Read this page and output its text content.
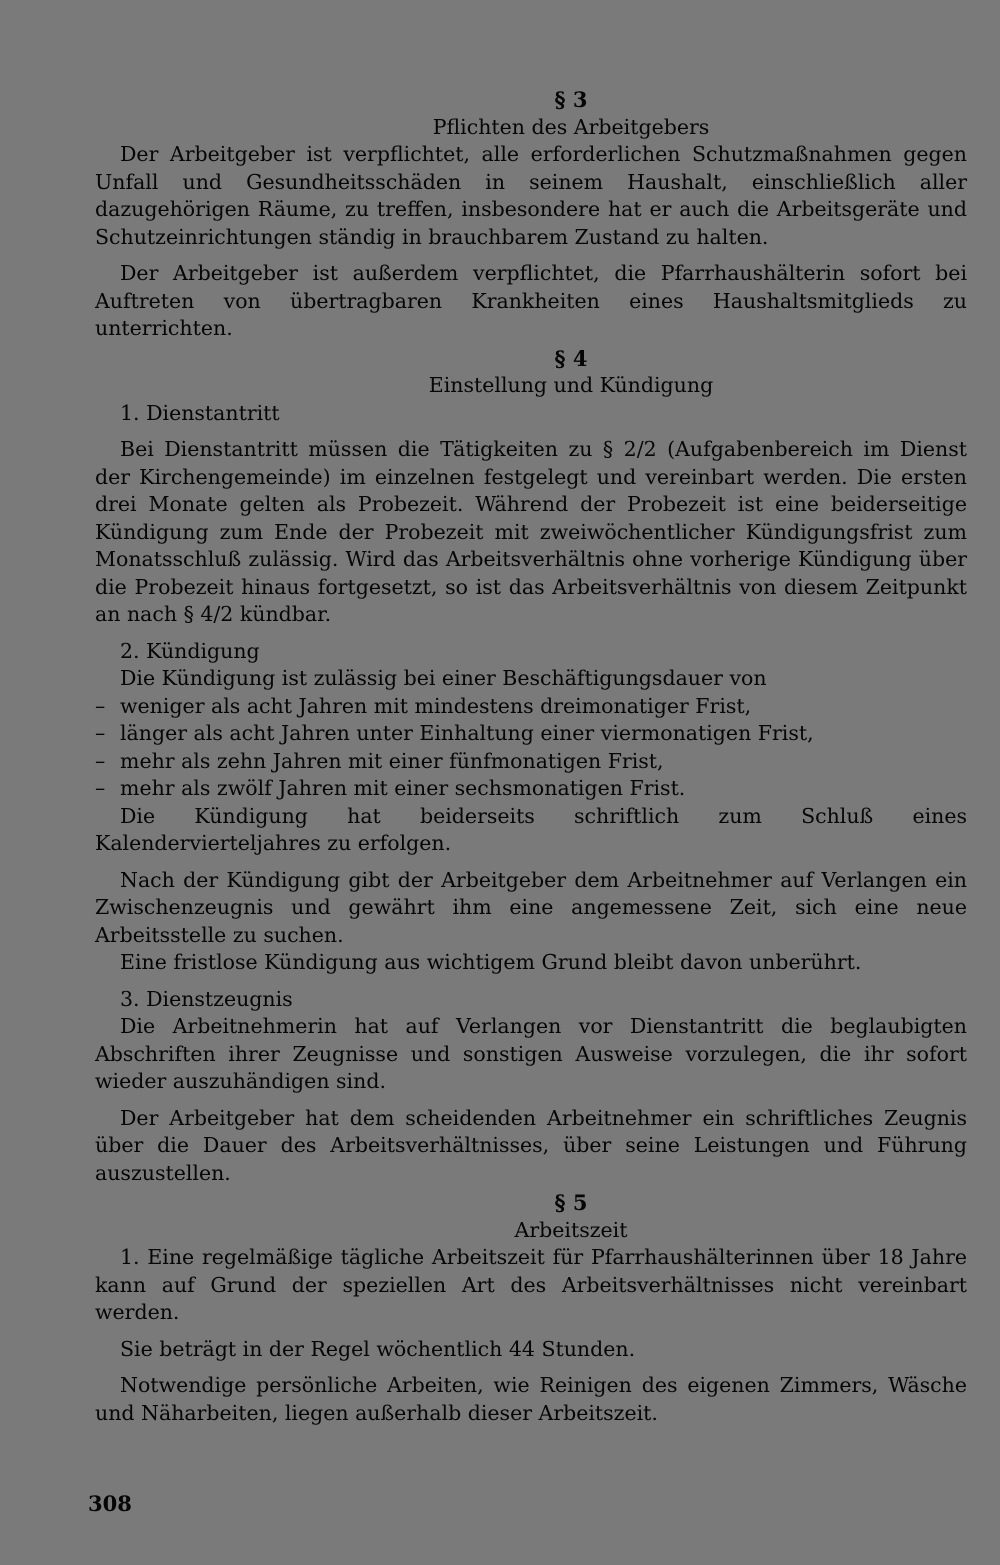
§ 3
Pflichten des Arbeitgebers

Der Arbeitgeber ist verpflichtet, alle erforderlichen Schutzmaßnahmen gegen Unfall und Gesundheitsschäden in seinem Haushalt, einschließlich aller dazugehörigen Räume, zu treffen, insbesondere hat er auch die Arbeitsgeräte und Schutzeinrichtungen ständig in brauchbarem Zustand zu halten.

Der Arbeitgeber ist außerdem verpflichtet, die Pfarrhaushälterin sofort bei Auftreten von übertragbaren Krankheiten eines Haushaltsmitglieds zu unterrichten.

§ 4
Einstellung und Kündigung
1. Dienstantritt

Bei Dienstantritt müssen die Tätigkeiten zu § 2/2 (Aufgabenbereich im Dienst der Kirchengemeinde) im einzelnen festgelegt und vereinbart werden. Die ersten drei Monate gelten als Probezeit. Während der Probezeit ist eine beiderseitige Kündigung zum Ende der Probezeit mit zweiwöchentlicher Kündigungsfrist zum Monatsschluß zulässig. Wird das Arbeitsverhältnis ohne vorherige Kündigung über die Probezeit hinaus fortgesetzt, so ist das Arbeitsverhältnis von diesem Zeitpunkt an nach § 4/2 kündbar.

2. Kündigung

Die Kündigung ist zulässig bei einer Beschäftigungsdauer von

– weniger als acht Jahren mit mindestens dreimonatiger Frist,
– länger als acht Jahren unter Einhaltung einer viermonatigen Frist,
– mehr als zehn Jahren mit einer fünfmonatigen Frist,
– mehr als zwölf Jahren mit einer sechsmonatigen Frist.

Die Kündigung hat beiderseits schriftlich zum Schluß eines Kalendervierteljahres zu erfolgen.

Nach der Kündigung gibt der Arbeitgeber dem Arbeitnehmer auf Verlangen ein Zwischenzeugnis und gewährt ihm eine angemessene Zeit, sich eine neue Arbeitsstelle zu suchen.

Eine fristlose Kündigung aus wichtigem Grund bleibt davon unberührt.

3. Dienstzeugnis

Die Arbeitnehmerin hat auf Verlangen vor Dienstantritt die beglaubigten Abschriften ihrer Zeugnisse und sonstigen Ausweise vorzulegen, die ihr sofort wieder auszuhändigen sind.

Der Arbeitgeber hat dem scheidenden Arbeitnehmer ein schriftliches Zeugnis über die Dauer des Arbeitsverhältnisses, über seine Leistungen und Führung auszustellen.

§ 5
Arbeitszeit

1. Eine regelmäßige tägliche Arbeitszeit für Pfarrhaushälterinnen über 18 Jahre kann auf Grund der speziellen Art des Arbeitsverhältnisses nicht vereinbart werden.

Sie beträgt in der Regel wöchentlich 44 Stunden.

Notwendige persönliche Arbeiten, wie Reinigen des eigenen Zimmers, Wäsche und Näharbeiten, liegen außerhalb dieser Arbeitszeit.

308
